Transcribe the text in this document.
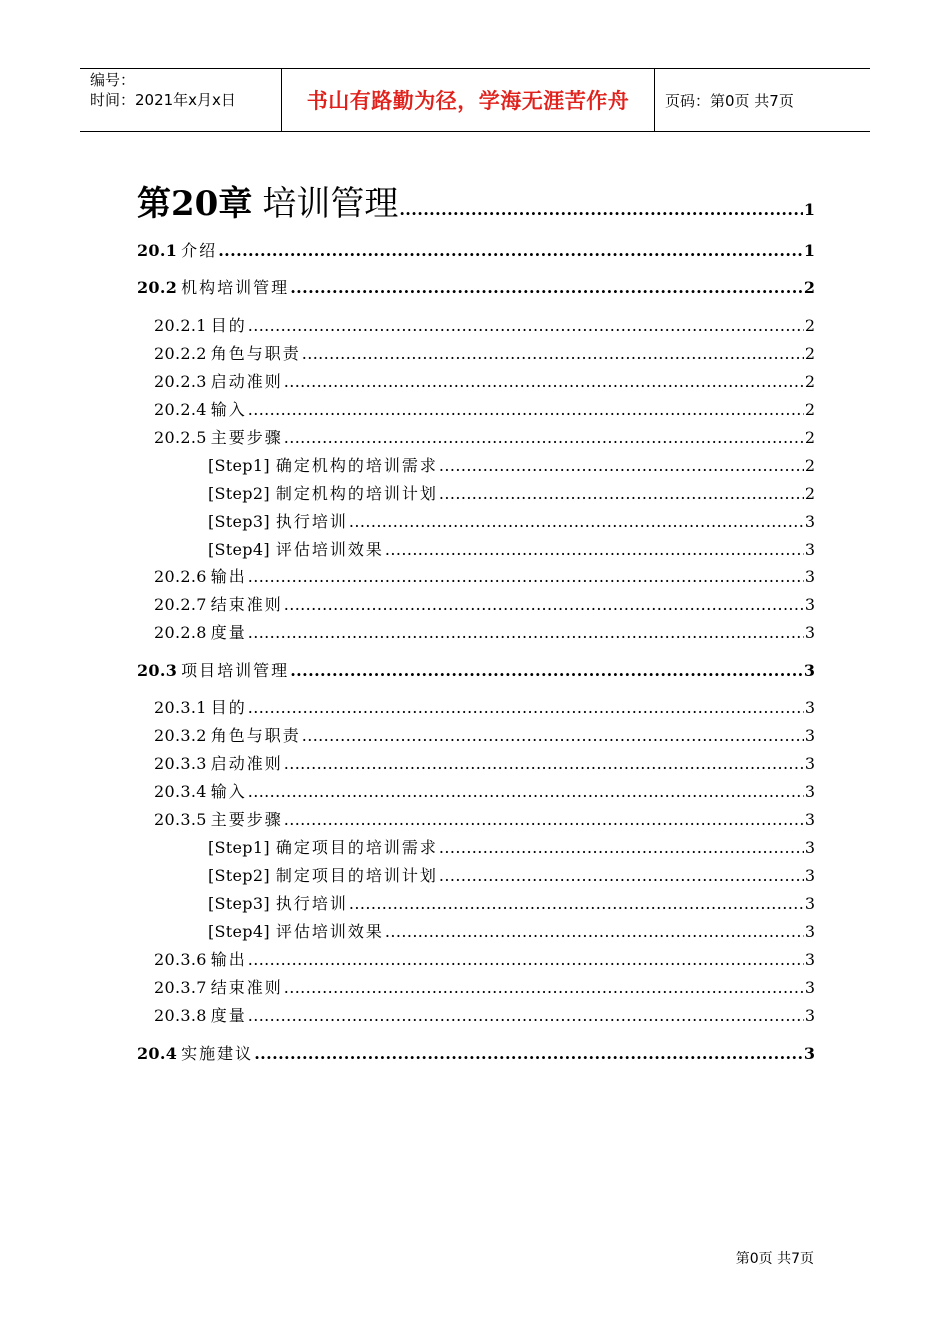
编号：
时间：2021年x月x日	书山有路勤为径，学海无涯苦作舟	页码：第0页 共7页
第20章 培训管理 .....	1
20.1 介绍 .....	1
20.2 机构培训管理 .....	2
20.2.1 目的 .....	2
20.2.2 角色与职责 .....	2
20.2.3 启动准则 .....	2
20.2.4 输入 .....	2
20.2.5 主要步骤 .....	2
[Step1] 确定机构的培训需求 .....	2
[Step2] 制定机构的培训计划 .....	2
[Step3] 执行培训 .....	3
[Step4] 评估培训效果 .....	3
20.2.6 输出 .....	3
20.2.7 结束准则 .....	3
20.2.8 度量 .....	3
20.3 项目培训管理 .....	3
20.3.1 目的 .....	3
20.3.2 角色与职责 .....	3
20.3.3 启动准则 .....	3
20.3.4 输入 .....	3
20.3.5 主要步骤 .....	3
[Step1] 确定项目的培训需求 .....	3
[Step2] 制定项目的培训计划 .....	3
[Step3] 执行培训 .....	3
[Step4] 评估培训效果 .....	3
20.3.6 输出 .....	3
20.3.7 结束准则 .....	3
20.3.8 度量 .....	3
20.4 实施建议 .....	3
第0页 共7页
